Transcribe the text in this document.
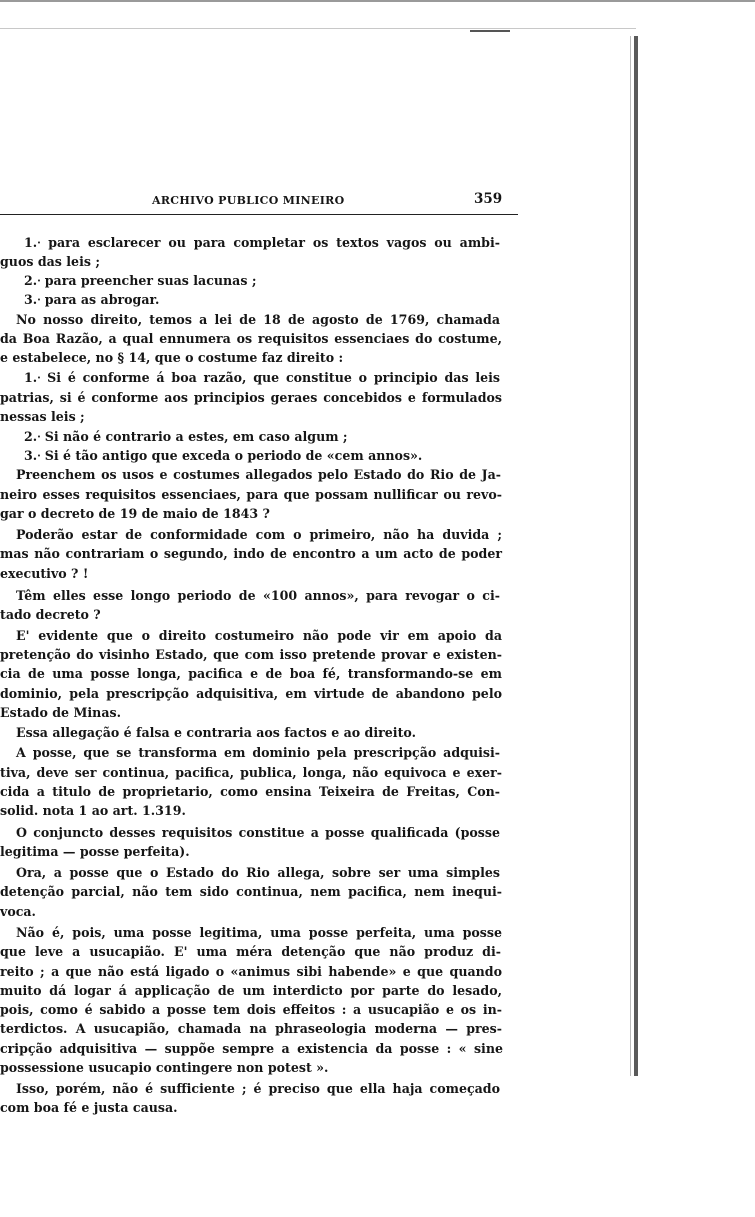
ARCHIVO PUBLICO MINEIRO	359
1.ᐧ para esclarecer ou para completar os textos vagos ou ambi-
guos das leis ;
2.ᐧ para preencher suas lacunas ;
3.ᐧ para as abrogar.
No nosso direito, temos a lei de 18 de agosto de 1769, chamada
da Boa Razão, a qual ennumera os requisitos essenciaes do costume,
e estabelece, no § 14, que o costume faz direito :
1.ᐧ Si é conforme á boa razão, que constitue o principio das leis
patrias, si é conforme aos principios geraes concebidos e formulados
nessas leis ;
2.ᐧ Si não é contrario a estes, em caso algum ;
3.ᐧ Si é tão antigo que exceda o periodo de «cem annos».
Preenchem os usos e costumes allegados pelo Estado do Rio de Ja-
neiro esses requisitos essenciaes, para que possam nullificar ou revo-
gar o decreto de 19 de maio de 1843 ?
Poderão estar de conformidade com o primeiro, não ha duvida ;
mas não contrariam o segundo, indo de encontro a um acto de poder
executivo ? !
Têm elles esse longo periodo de «100 annos», para revogar o ci-
tado decreto ?
E' evidente que o direito costumeiro não pode vir em apoio da
pretenção do visinho Estado, que com isso pretende provar e existen-
cia de uma posse longa, pacifica e de boa fé, transformando-se em
dominio, pela prescripção adquisitiva, em virtude de abandono pelo
Estado de Minas.
Essa allegação é falsa e contraria aos factos e ao direito.
A posse, que se transforma em dominio pela prescripção adquisi-
tiva, deve ser continua, pacifica, publica, longa, não equivoca e exer-
cida a titulo de proprietario, como ensina Teixeira de Freitas, Con-
solid. nota 1 ao art. 1.319.
O conjuncto desses requisitos constitue a posse qualificada (posse
legitima — posse perfeita).
Ora, a posse que o Estado do Rio allega, sobre ser uma simples
detenção parcial, não tem sido continua, nem pacifica, nem inequi-
voca.
Não é, pois, uma posse legitima, uma posse perfeita, uma posse
que leve a usucapião. E' uma méra detenção que não produz di-
reito ; a que não está ligado o «animus sibi habende» e que quando
muito dá logar á applicação de um interdicto por parte do lesado,
pois, como é sabido a posse tem dois effeitos : a usucapião e os in-
terdictos. A usucapião, chamada na phraseologia moderna — pres-
cripção adquisitiva — suppõe sempre a existencia da posse : « sine
possessione usucapio contingere non potest ».
Isso, porém, não é sufficiente ; é preciso que ella haja começado
com boa fé e justa causa.
